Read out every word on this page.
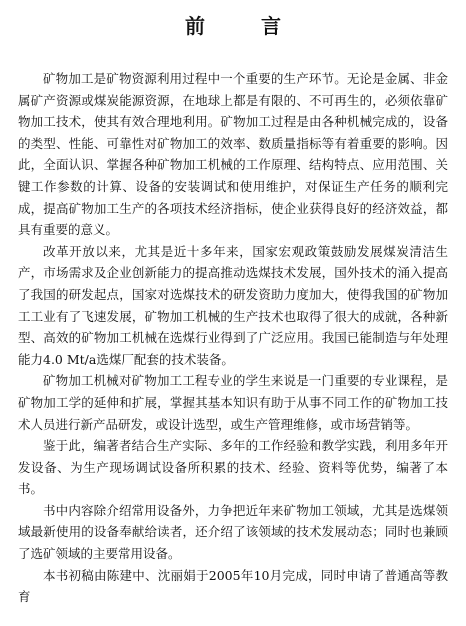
前　言

矿物加工是矿物资源利用过程中一个重要的生产环节。无论是金属、非金属矿产资源或煤炭能源资源，在地球上都是有限的、不可再生的，必须依靠矿物加工技术，使其有效合理地利用。矿物加工过程是由各种机械完成的，设备的类型、性能、可靠性对矿物加工的效率、数质量指标等有着重要的影响。因此，全面认识、掌握各种矿物加工机械的工作原理、结构特点、应用范围、关键工作参数的计算、设备的安装调试和使用维护，对保证生产任务的顺利完成，提高矿物加工生产的各项技术经济指标，使企业获得良好的经济效益，都具有重要的意义。

改革开放以来，尤其是近十多年来，国家宏观政策鼓励发展煤炭清洁生产，市场需求及企业创新能力的提高推动选煤技术发展，国外技术的涌入提高了我国的研发起点，国家对选煤技术的研发资助力度加大，使得我国的矿物加工工业有了飞速发展，矿物加工机械的生产技术也取得了很大的成就，各种新型、高效的矿物加工机械在选煤行业得到了广泛应用。我国已能制造与年处理能力4.0 Mt/a选煤厂配套的技术装备。

矿物加工机械对矿物加工工程专业的学生来说是一门重要的专业课程，是矿物加工学的延伸和扩展，掌握其基本知识有助于从事不同工作的矿物加工技术人员进行新产品研发，或设计选型，或生产管理维修，或市场营销等。

鉴于此，编著者结合生产实际、多年的工作经验和教学实践，利用多年开发设备、为生产现场调试设备所积累的技术、经验、资料等优势，编著了本书。

书中内容除介绍常用设备外，力争把近年来矿物加工领域，尤其是选煤领域最新使用的设备奉献给读者，还介绍了该领域的技术发展动态；同时也兼顾了选矿领域的主要常用设备。

本书初稿由陈建中、沈丽娟于2005年10月完成，同时申请了普通高等教育
